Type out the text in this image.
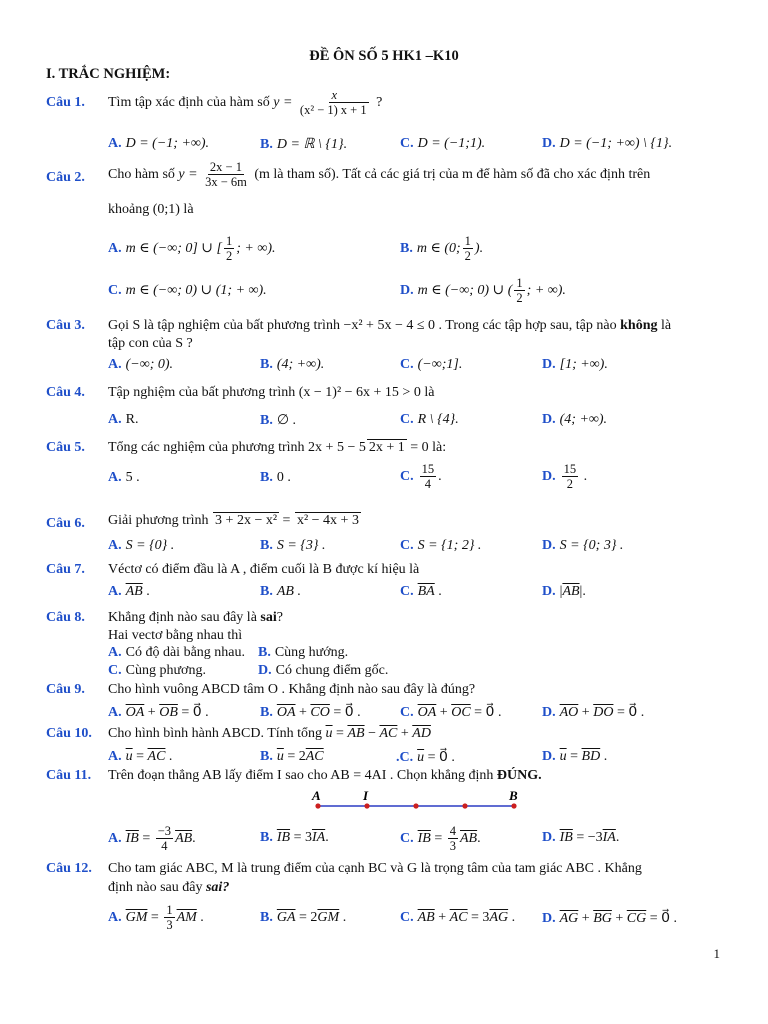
ĐỀ ÔN SỐ 5 HK1 –K10
I. TRẮC NGHIỆM:
Câu 1. Tìm tập xác định của hàm số $y = \frac{x}{\text{(x² − 1) x + 1}}$ ?
A. D = (−1; +∞).	B. D = ℝ \ {1}.	C. D = (−1;1).	D. D = (−1; +∞) \ {1}.
Câu 2. Cho hàm số $y = \frac{2x - 1}{3x - 6m} (m$ là tham số). Tất cả các giá trị của m để hàm số đã cho xác định trên
khoảng (0;1) là
A. m ∈ (−∞; 0] ∪ [ $\frac{1}{2}$ ; + ∞).	B. m ∈ (0; $\frac{1}{2}$ ).
C. m ∈ (−∞; 0) ∪ (1; + ∞).	D. m ∈ (−∞; 0) ∪ ( $\frac{1}{2}$ ; + ∞).
Câu 3. Gọi S là tập nghiệm của bất phương trình −x² + 5x − 4 ≤ 0 . Trong các tập hợp sau, tập nào không là
tập con của S ?
A. (−∞; 0).	B. (4; +∞).	C. (−∞;1].	D. [1; +∞).
Câu 4. Tập nghiệm của bất phương trình (x − 1)² − 6x + 15 > 0 là
A. R.	B. ∅ .	C. R \ {4}.	D. (4; +∞).
Câu 5. Tổng các nghiệm của phương trình 2x + 5 − 5 2x + 1 = 0 là:
A. 5 .	B. 0 .	C. $\frac{15}{4}$ .	D. $\frac{15}{2}$ .
Câu 6. Giải phương trình 3 + 2x − x² = x² − 4x + 3
A. S = {0} .	B. S = {3} .	C. S = {1; 2} .	D. S = {0; 3} .
Câu 7. Véctơ có điểm đầu là A , điểm cuối là B được kí hiệu là
A. $\overline{AB}$ .	B. AB .	C. $\overline{BA}$ .	D. $|\overline{AB}|$.
Câu 8. Khẳng định nào sau đây là sai?
Hai vectơ bằng nhau thì
A. Có độ dài bằng nhau. B. Cùng hướng.
C. Cùng phương.	D. Có chung điểm gốc.
Câu 9. Cho hình vuông ABCD tâm O . Khẳng định nào sau đây là đúng?
A. $\overline{OA} + \overline{OB}$ = 0⃗ .	B. $\overline{OA} + \overline{CO}$ = 0⃗ .	C. $\overline{OA} + \overline{OC}$ = 0⃗ .	D. $\overline{AO} + \overline{DO}$ = 0⃗ .
Câu 10. Cho hình bình hành ABCD. Tính tổng $\overline{u} = \overline{AB} - \overline{AC} + \overline{AD}$
A. $\overline{u} = \overline{AC}$ .	B. $\overline{u} = 2\overline{AC}$	.C. $\overline{u}$ = 0⃗ .	D. $\overline{u} = \overline{BD}$ .
Câu 11. Trên đoạn thẳng AB lấy điểm I sao cho AB = 4AI . Chọn khẳng định ĐÚNG.
A	I	B
A. $\overline{IB} = \frac{-3}{4} \overline{AB}$.	B. $\overline{IB} = 3\overline{IA}$.	C. $\overline{IB} = \frac{4}{3} \overline{AB}$.	D. $\overline{IB} = -3\overline{IA}$.
Câu 12. Cho tam giác ABC, M là trung điểm của cạnh BC và G là trọng tâm của tam giác ABC . Khẳng
định nào sau đây sai?
A. $\overline{GM} = \frac{1}{3} \overline{AM}$ .	B. $\overline{GA} = 2\overline{GM}$ .	C. $\overline{AB} + \overline{AC} = 3\overline{AG}$ . D. $\overline{AG} + \overline{BG} + \overline{CG}$ = 0⃗ .
1
